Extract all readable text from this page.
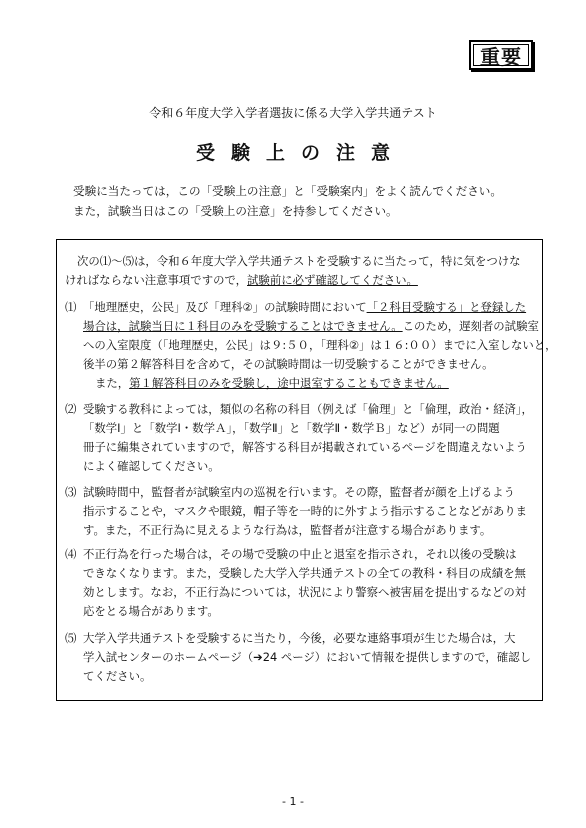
重要
令和６年度大学入学者選抜に係る大学入学共通テスト
受験上の注意

受験に当たっては，この「受験上の注意」と「受験案内」をよく読んでください。

また，試験当日はこの「受験上の注意」を持参してください。

次の⑴〜⑸は，令和６年度大学入学共通テストを受験するに当たって，特に気をつけな

ければならない注意事項ですので，試験前に必ず確認してください。

⑴ 「地理歴史，公民」及び「理科②」の試験時間において「２科目受験する」と登録した

場合は，試験当日に１科目のみを受験することはできません。このため，遅刻者の試験室

への入室限度（「地理歴史，公民」は９:５０，「理科②」は１６:００）までに入室しないと，

後半の第２解答科目を含めて，その試験時間は一切受験することができません。

また，第１解答科目のみを受験し，途中退室することもできません。

⑵ 受験する教科によっては，類似の名称の科目（例えば「倫理」と「倫理，政治・経済」，

「数学Ⅰ」と「数学Ⅰ・数学Ａ」，「数学Ⅱ」と「数学Ⅱ・数学Ｂ」など）が同一の問題

冊子に編集されていますので，解答する科目が掲載されているページを間違えないよう

によく確認してください。

⑶ 試験時間中，監督者が試験室内の巡視を行います。その際，監督者が顔を上げるよう

指示することや，マスクや眼鏡，帽子等を一時的に外すよう指示することなどがありま

す。また，不正行為に見えるような行為は，監督者が注意する場合があります。

⑷ 不正行為を行った場合は，その場で受験の中止と退室を指示され，それ以後の受験は

できなくなります。また，受験した大学入学共通テストの全ての教科・科目の成績を無

効とします。なお，不正行為については，状況により警察へ被害届を提出するなどの対

応をとる場合があります。

⑸ 大学入学共通テストを受験するに当たり，今後，必要な連絡事項が生じた場合は，大

学入試センターのホームページ（➔24 ページ）において情報を提供しますので，確認し

てください。

- 1 -
